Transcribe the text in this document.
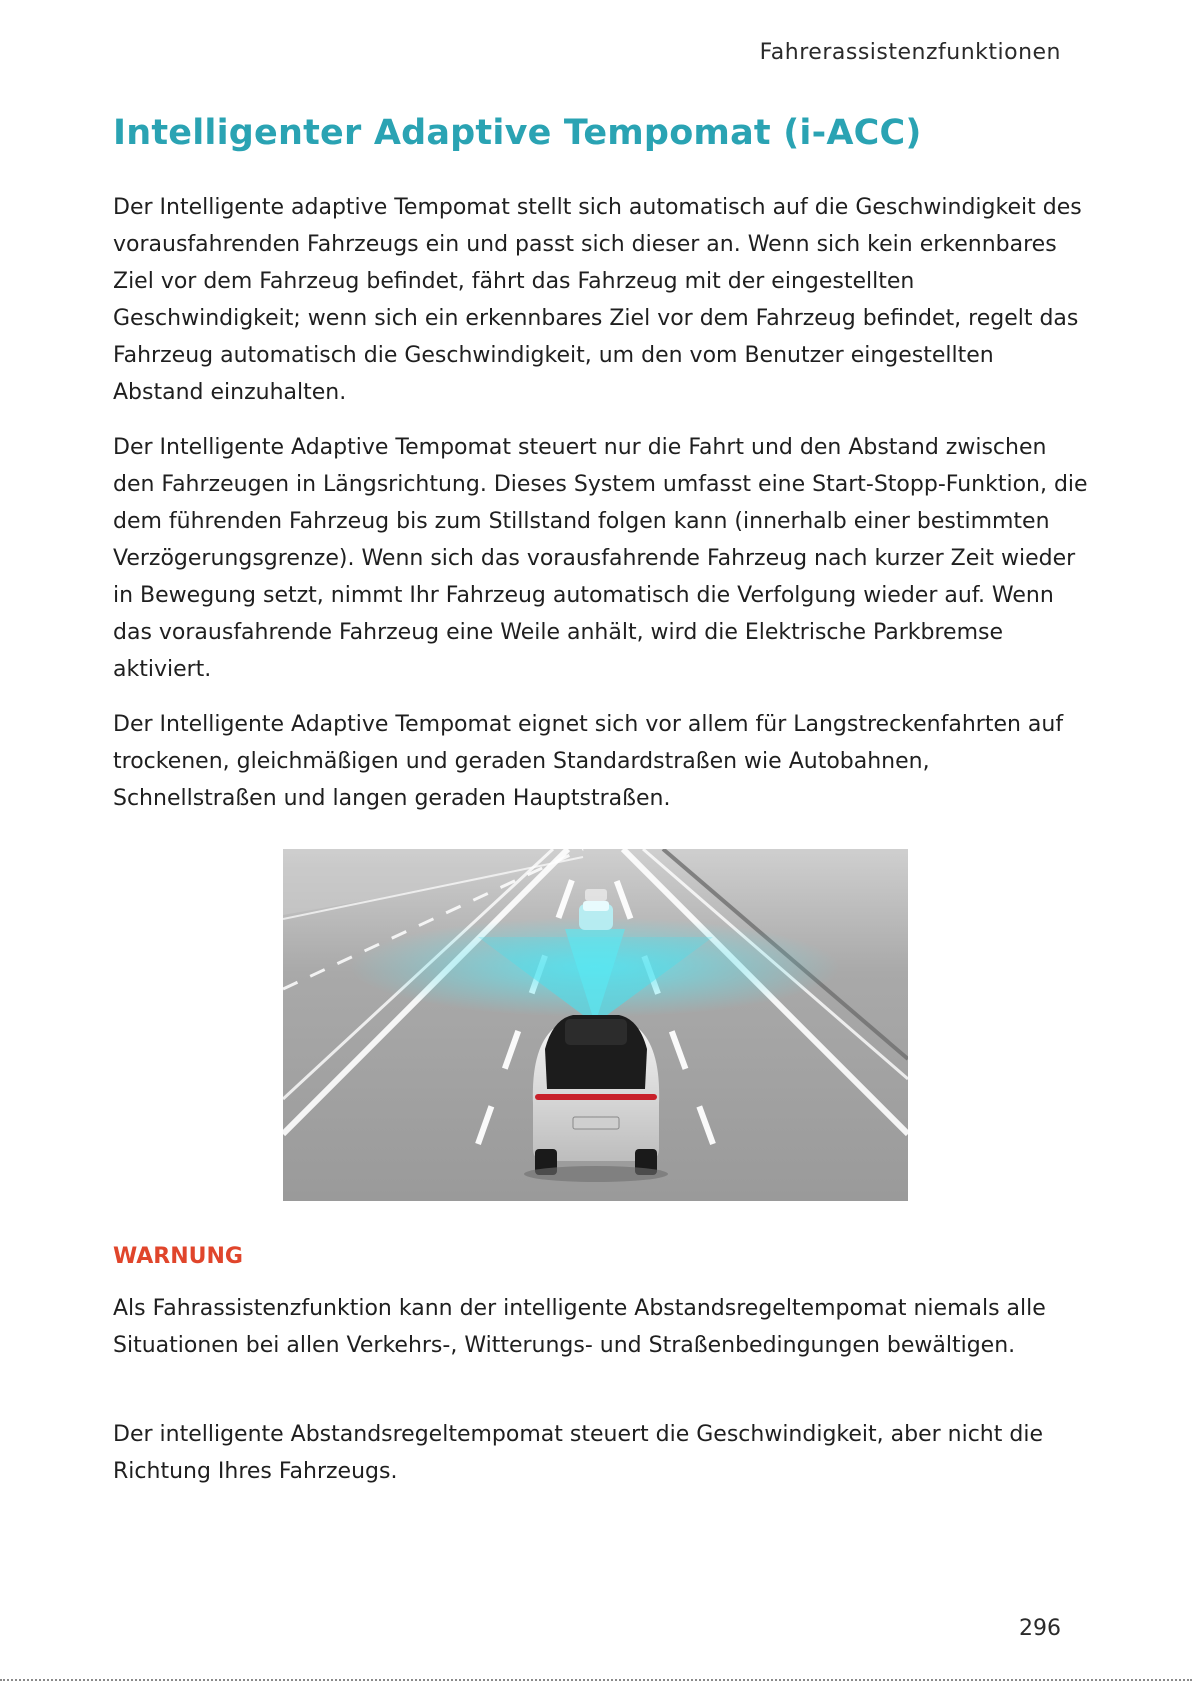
Fahrerassistenzfunktionen
Intelligenter Adaptive Tempomat (i-ACC)

Der Intelligente adaptive Tempomat stellt sich automatisch auf die Geschwindigkeit des vorausfahrenden Fahrzeugs ein und passt sich dieser an. Wenn sich kein erkennbares Ziel vor dem Fahrzeug befindet, fährt das Fahrzeug mit der eingestellten Geschwindigkeit; wenn sich ein erkennbares Ziel vor dem Fahrzeug befindet, regelt das Fahrzeug automatisch die Geschwindigkeit, um den vom Benutzer eingestellten Abstand einzuhalten.

Der Intelligente Adaptive Tempomat steuert nur die Fahrt und den Abstand zwischen den Fahrzeugen in Längsrichtung. Dieses System umfasst eine Start-Stopp-Funktion, die dem führenden Fahrzeug bis zum Stillstand folgen kann (innerhalb einer bestimmten Verzögerungsgrenze). Wenn sich das vorausfahrende Fahrzeug nach kurzer Zeit wieder in Bewegung setzt, nimmt Ihr Fahrzeug automatisch die Verfolgung wieder auf. Wenn das vorausfahrende Fahrzeug eine Weile anhält, wird die Elektrische Parkbremse aktiviert.

Der Intelligente Adaptive Tempomat eignet sich vor allem für Langstreckenfahrten auf trockenen, gleichmäßigen und geraden Standardstraßen wie Autobahnen, Schnellstraßen und langen geraden Hauptstraßen.

WARNUNG

Als Fahrassistenzfunktion kann der intelligente Abstandsregeltempomat niemals alle Situationen bei allen Verkehrs-, Witterungs- und Straßenbedingungen bewältigen.

Der intelligente Abstandsregeltempomat steuert die Geschwindigkeit, aber nicht die Richtung Ihres Fahrzeugs.

296
